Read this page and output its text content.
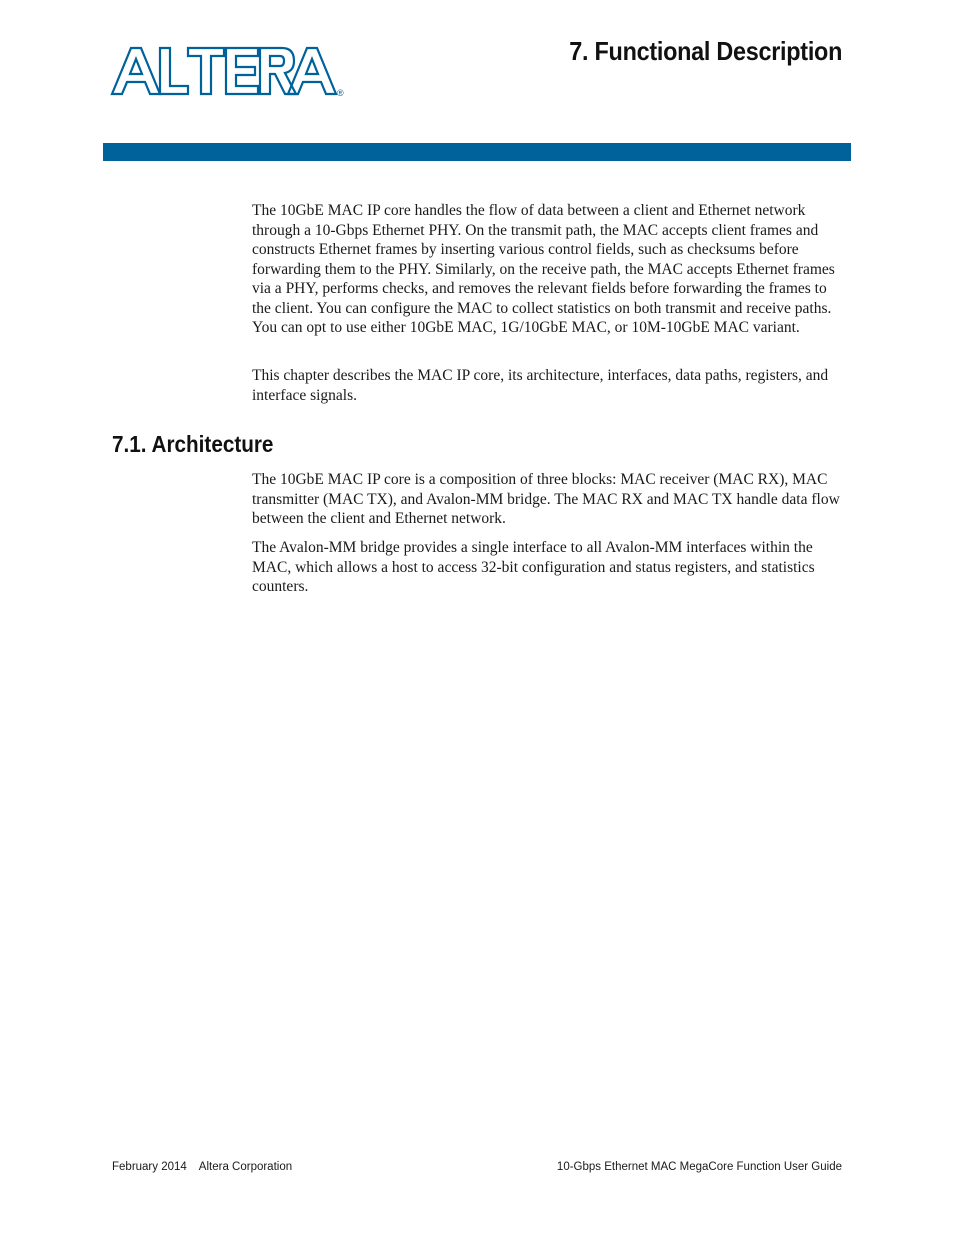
®
7. Functional Description

The 10GbE MAC IP core handles the flow of data between a client and Ethernet network through a 10-Gbps Ethernet PHY. On the transmit path, the MAC accepts client frames and constructs Ethernet frames by inserting various control fields, such as checksums before forwarding them to the PHY. Similarly, on the receive path, the MAC accepts Ethernet frames via a PHY, performs checks, and removes the relevant fields before forwarding the frames to the client. You can configure the MAC to collect statistics on both transmit and receive paths. You can opt to use either 10GbE MAC, 1G/10GbE MAC, or 10M-10GbE MAC variant.

This chapter describes the MAC IP core, its architecture, interfaces, data paths, registers, and interface signals.

7.1. Architecture

The 10GbE MAC IP core is a composition of three blocks: MAC receiver (MAC RX), MAC transmitter (MAC TX), and Avalon-MM bridge. The MAC RX and MAC TX handle data flow between the client and Ethernet network.

The Avalon-MM bridge provides a single interface to all Avalon-MM interfaces within the MAC, which allows a host to access 32-bit configuration and status registers, and statistics counters.

February 2014 Altera Corporation	10-Gbps Ethernet MAC MegaCore Function User Guide
